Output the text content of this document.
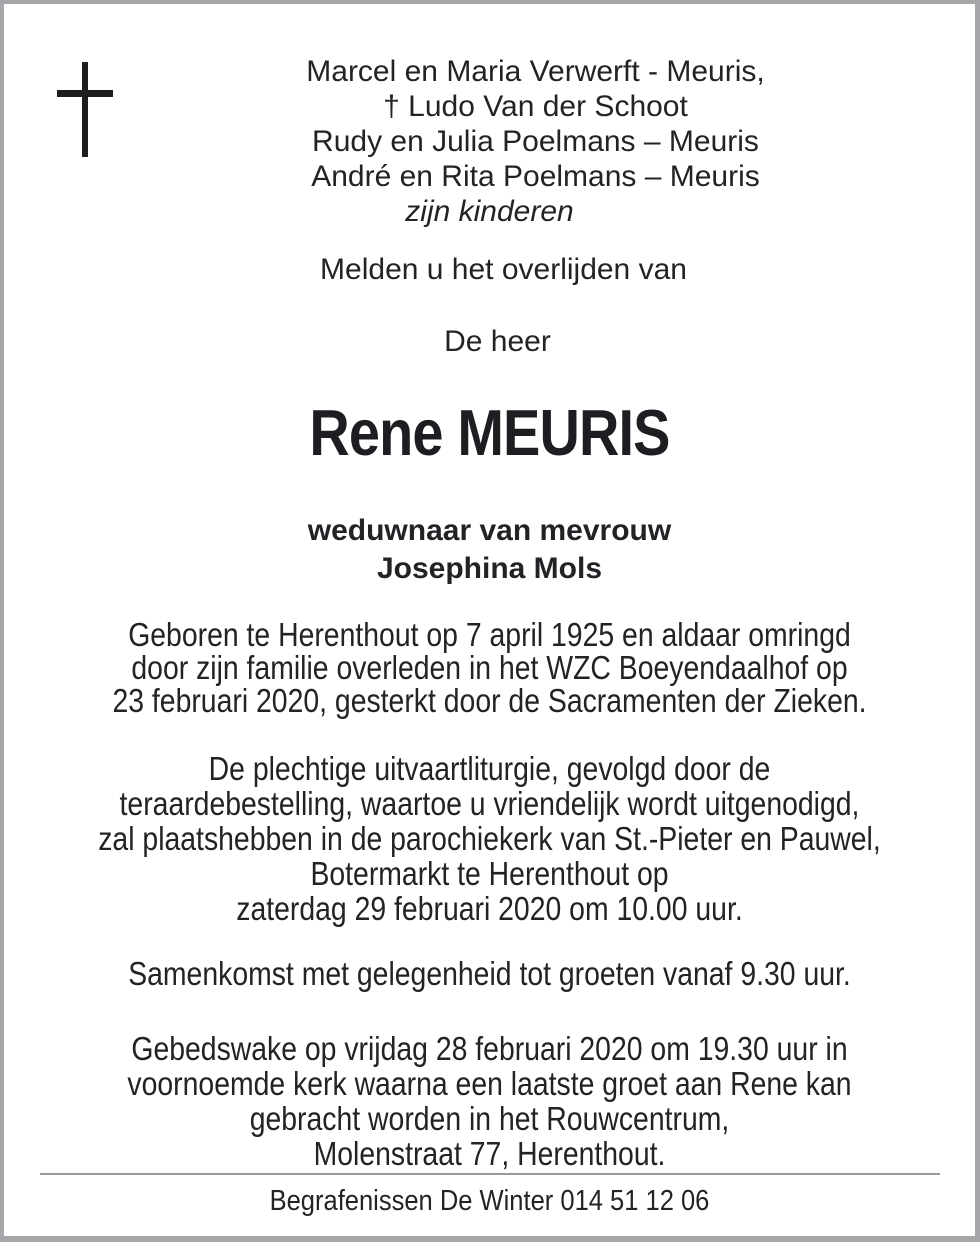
Marcel en Maria Verwerft - Meuris,
† Ludo Van der Schoot
Rudy en Julia Poelmans – Meuris
André en Rita Poelmans – Meuris
zijn kinderen
Melden u het overlijden van
De heer
Rene MEURIS
weduwnaar van mevrouw
Josephina Mols
Geboren te Herenthout op 7 april 1925 en aldaar omringd
door zijn familie overleden in het WZC Boeyendaalhof op
23 februari 2020, gesterkt door de Sacramenten der Zieken.
De plechtige uitvaartliturgie, gevolgd door de
teraardebestelling, waartoe u vriendelijk wordt uitgenodigd,
zal plaatshebben in de parochiekerk van St.-Pieter en Pauwel,
Botermarkt te Herenthout op
zaterdag 29 februari 2020 om 10.00 uur.
Samenkomst met gelegenheid tot groeten vanaf 9.30 uur.
Gebedswake op vrijdag 28 februari 2020 om 19.30 uur in
voornoemde kerk waarna een laatste groet aan Rene kan
gebracht worden in het Rouwcentrum,
Molenstraat 77, Herenthout.
Begrafenissen De Winter 014 51 12 06
